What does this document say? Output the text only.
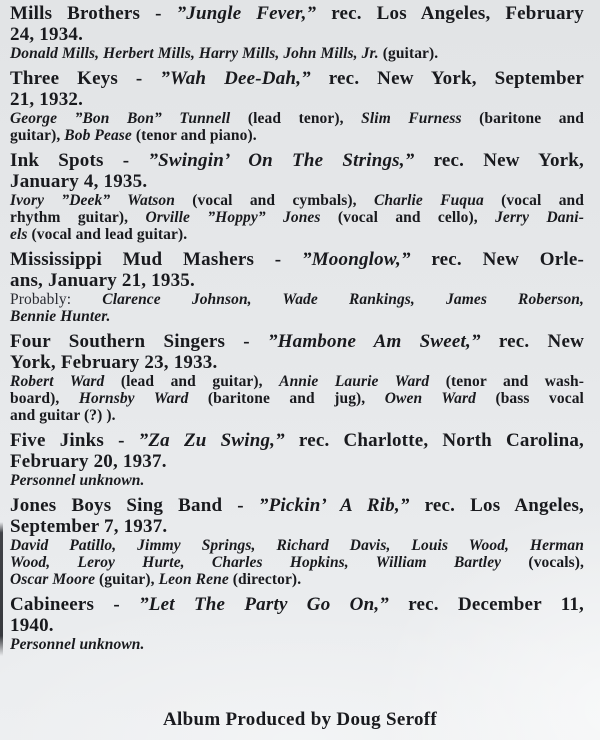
Mills Brothers - ”Jungle Fever,” rec. Los Angeles, February
24, 1934.
Donald Mills, Herbert Mills, Harry Mills, John Mills, Jr. (guitar).
Three Keys - ”Wah Dee-Dah,” rec. New York, September
21, 1932.
George ”Bon Bon” Tunnell (lead tenor), Slim Furness (baritone and
guitar), Bob Pease (tenor and piano).
Ink Spots - ”Swingin’ On The Strings,” rec. New York,
January 4, 1935.
Ivory ”Deek” Watson (vocal and cymbals), Charlie Fuqua (vocal and
rhythm guitar), Orville ”Hoppy” Jones (vocal and cello), Jerry Dani-
els (vocal and lead guitar).
Mississippi Mud Mashers - ”Moonglow,” rec. New Orle-
ans, January 21, 1935.
Probably: Clarence Johnson, Wade Rankings, James Roberson,
Bennie Hunter.
Four Southern Singers - ”Hambone Am Sweet,” rec. New
York, February 23, 1933.
Robert Ward (lead and guitar), Annie Laurie Ward (tenor and wash-
board), Hornsby Ward (baritone and jug), Owen Ward (bass vocal
and guitar (?) ).
Five Jinks - ”Za Zu Swing,” rec. Charlotte, North Carolina,
February 20, 1937.
Personnel unknown.
Jones Boys Sing Band - ”Pickin’ A Rib,” rec. Los Angeles,
September 7, 1937.
David Patillo, Jimmy Springs, Richard Davis, Louis Wood, Herman
Wood, Leroy Hurte, Charles Hopkins, William Bartley (vocals),
Oscar Moore (guitar), Leon Rene (director).
Cabineers - ”Let The Party Go On,” rec. December 11,
1940.
Personnel unknown.
Album Produced by Doug Seroff
